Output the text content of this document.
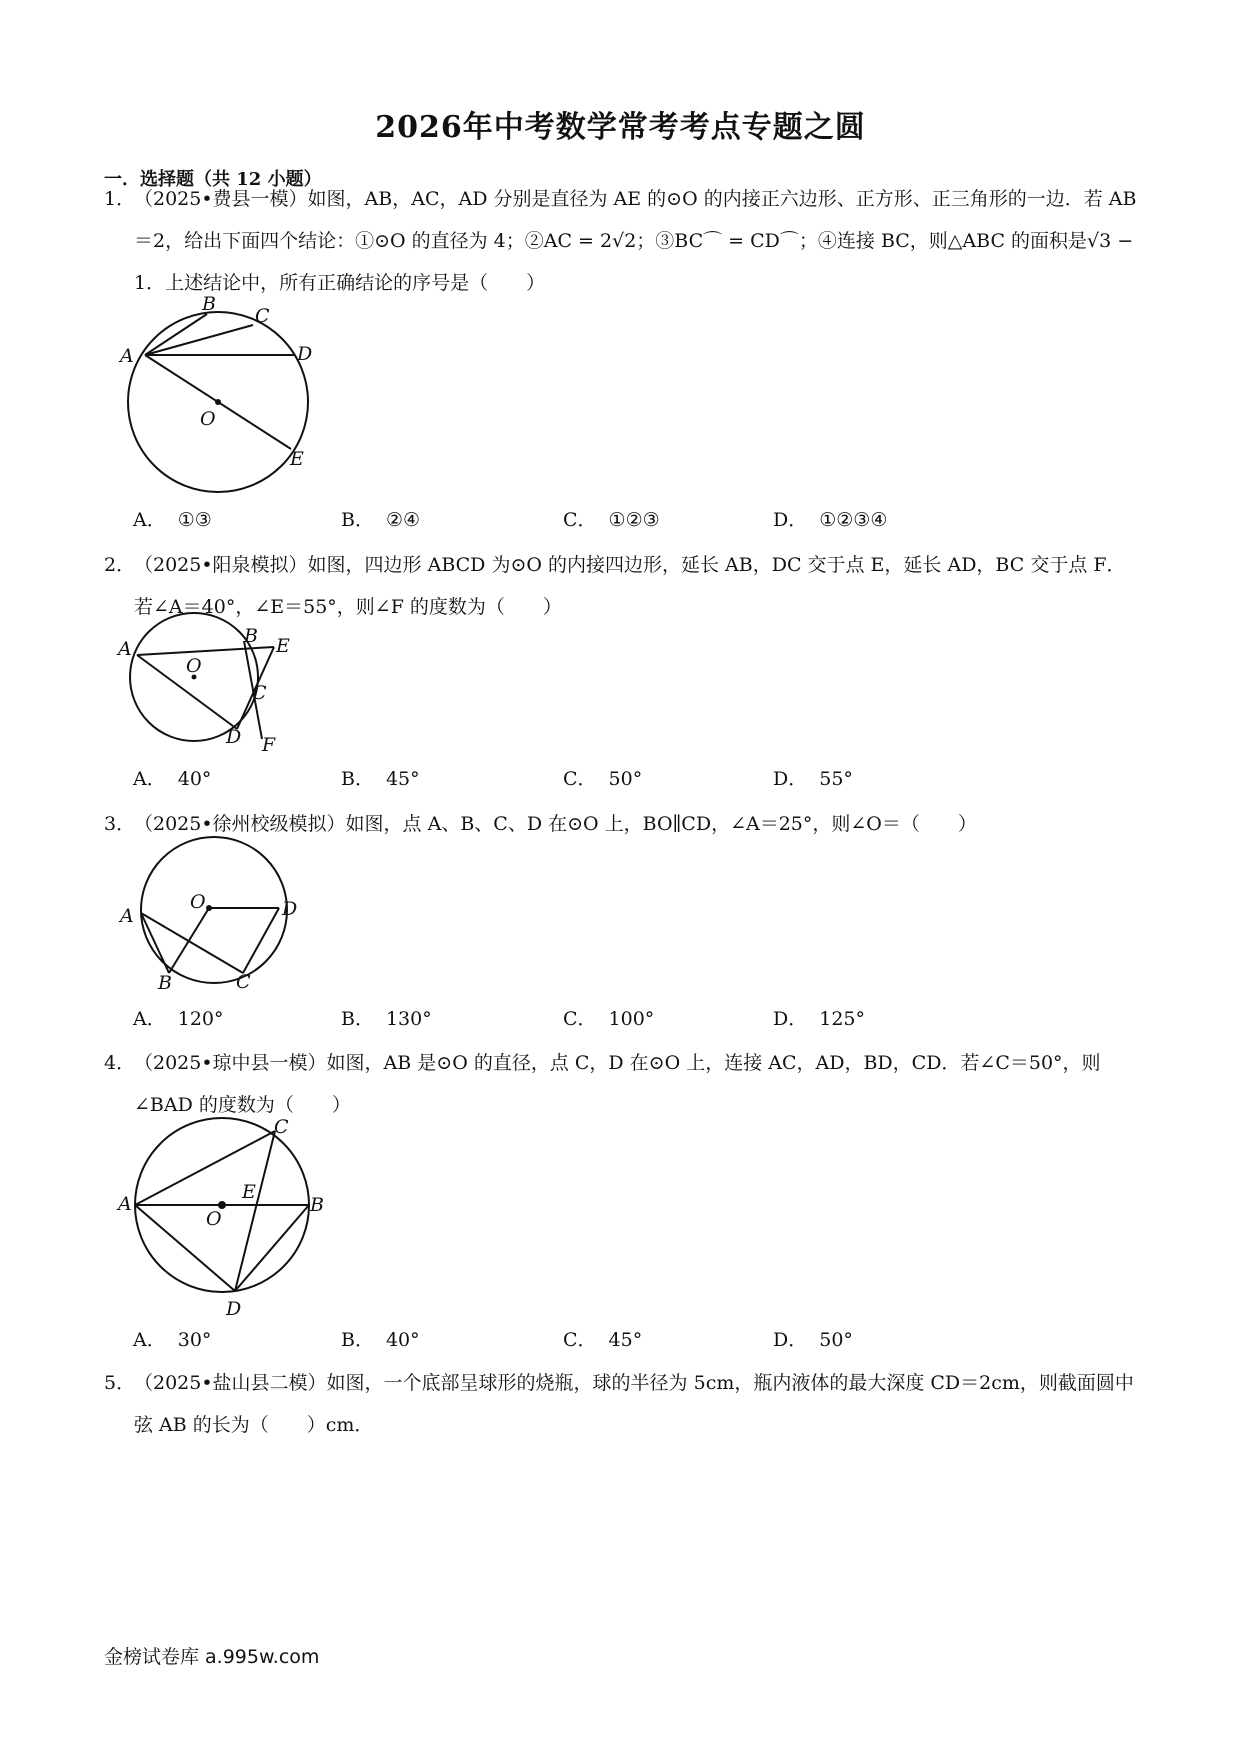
2026年中考数学常考考点专题之圆
一．选择题（共 12 小题）
1．
（2025•费县一模）如图，AB，AC，AD 分别是直径为 AE 的⊙O 的内接正六边形、正方形、正三角形的一边．若 AB＝2，给出下面四个结论：①⊙O 的直径为 4；②AC = 2√2；③BC⌒ = CD⌒；④连接 BC，则△ABC 的面积是√3 − 1．上述结论中，所有正确结论的序号是（　　）
A
B
C
D
O
E
A． ①③	B． ②④	C． ①②③	D． ①②③④
2．
（2025•阳泉模拟）如图，四边形 ABCD 为⊙O 的内接四边形，延长 AB，DC 交于点 E，延长 AD，BC 交于点 F．若∠A＝40°，∠E＝55°，则∠F 的度数为（　　）
A
B E
O
C
D F
A． 40°	B． 45°	C． 50°	D． 55°
3．
（2025•徐州校级模拟）如图，点 A、B、C、D 在⊙O 上，BO∥CD，∠A＝25°，则∠O＝（　　）
O
A	D
B	C
A． 120°	B． 130°	C． 100°	D． 125°
4．
（2025•琼中县一模）如图，AB 是⊙O 的直径，点 C，D 在⊙O 上，连接 AC，AD，BD，CD．若∠C＝50°，则∠BAD 的度数为（　　）
C
A
E
O
B
D
A． 30°	B． 40°	C． 45°	D． 50°
5．
（2025•盐山县二模）如图，一个底部呈球形的烧瓶，球的半径为 5cm，瓶内液体的最大深度 CD＝2cm，则截面圆中弦 AB 的长为（　　）cm．
金榜试卷库 a.995w.com
